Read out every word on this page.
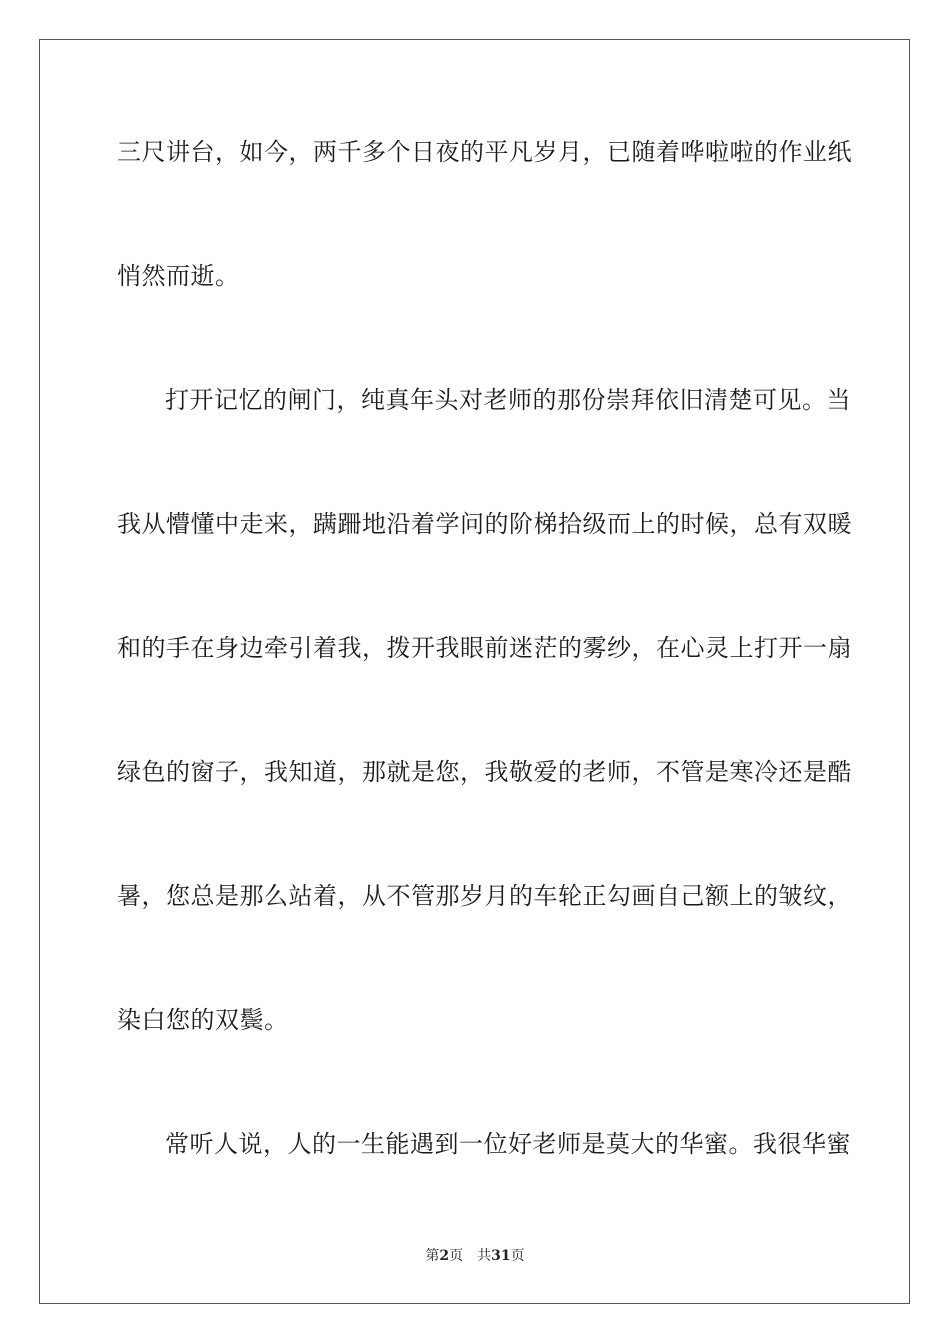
三尺讲台，如今，两千多个日夜的平凡岁月，已随着哗啦啦的作业纸
悄然而逝。
打开记忆的闸门，纯真年头对老师的那份崇拜依旧清楚可见。当
我从懵懂中走来，蹒跚地沿着学问的阶梯拾级而上的时候，总有双暖
和的手在身边牵引着我，拨开我眼前迷茫的雾纱，在心灵上打开一扇
绿色的窗子，我知道，那就是您，我敬爱的老师，不管是寒冷还是酷
暑，您总是那么站着，从不管那岁月的车轮正勾画自己额上的皱纹，
染白您的双鬓。
常听人说，人的一生能遇到一位好老师是莫大的华蜜。我很华蜜
第2页 共31页
